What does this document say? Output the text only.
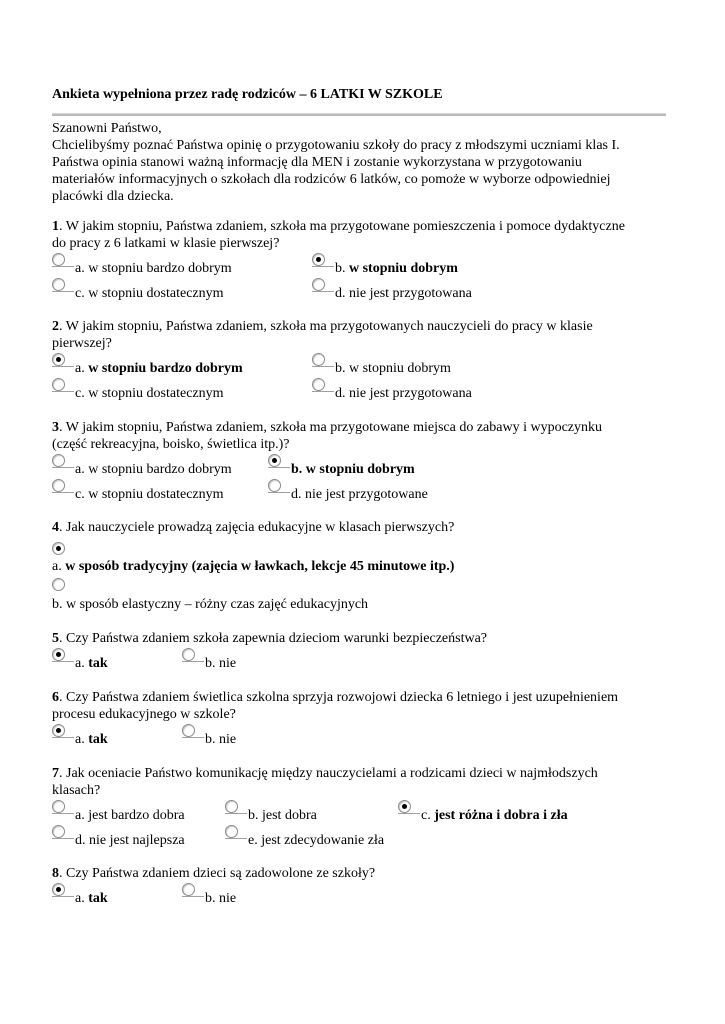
Ankieta wypełniona przez radę rodziców – 6 LATKI W SZKOLE

Szanowni Państwo,

Chcielibyśmy poznać Państwa opinię o przygotowaniu szkoły do pracy z młodszymi uczniami klas I.

Państwa opinia stanowi ważną informację dla MEN i zostanie wykorzystana w przygotowaniu

materiałów informacyjnych o szkołach dla rodziców 6 latków, co pomoże w wyborze odpowiedniej

placówki dla dziecka.

1. W jakim stopniu, Państwa zdaniem, szkoła ma przygotowane pomieszczenia i pomoce dydaktyczne

do pracy z 6 latkami w klasie pierwszej?

a. w stopniu bardzo dobrym	b. w stopniu dobrym
c. w stopniu dostatecznym	d. nie jest przygotowana

2. W jakim stopniu, Państwa zdaniem, szkoła ma przygotowanych nauczycieli do pracy w klasie

pierwszej?

a. w stopniu bardzo dobrym	b. w stopniu dobrym
c. w stopniu dostatecznym	d. nie jest przygotowana

3. W jakim stopniu, Państwa zdaniem, szkoła ma przygotowane miejsca do zabawy i wypoczynku

(część rekreacyjna, boisko, świetlica itp.)?

a. w stopniu bardzo dobrym	b. w stopniu dobrym
c. w stopniu dostatecznym	d. nie jest przygotowane

4. Jak nauczyciele prowadzą zajęcia edukacyjne w klasach pierwszych?

a. w sposób tradycyjny (zajęcia w ławkach, lekcje 45 minutowe itp.)
b. w sposób elastyczny – różny czas zajęć edukacyjnych

5. Czy Państwa zdaniem szkoła zapewnia dzieciom warunki bezpieczeństwa?

a. tak	b. nie

6. Czy Państwa zdaniem świetlica szkolna sprzyja rozwojowi dziecka 6 letniego i jest uzupełnieniem

procesu edukacyjnego w szkole?

a. tak	b. nie

7. Jak oceniacie Państwo komunikację między nauczycielami a rodzicami dzieci w najmłodszych

klasach?

a. jest bardzo dobra	b. jest dobra	c. jest różna i dobra i zła
d. nie jest najlepsza	e. jest zdecydowanie zła

8. Czy Państwa zdaniem dzieci są zadowolone ze szkoły?

a. tak	b. nie
